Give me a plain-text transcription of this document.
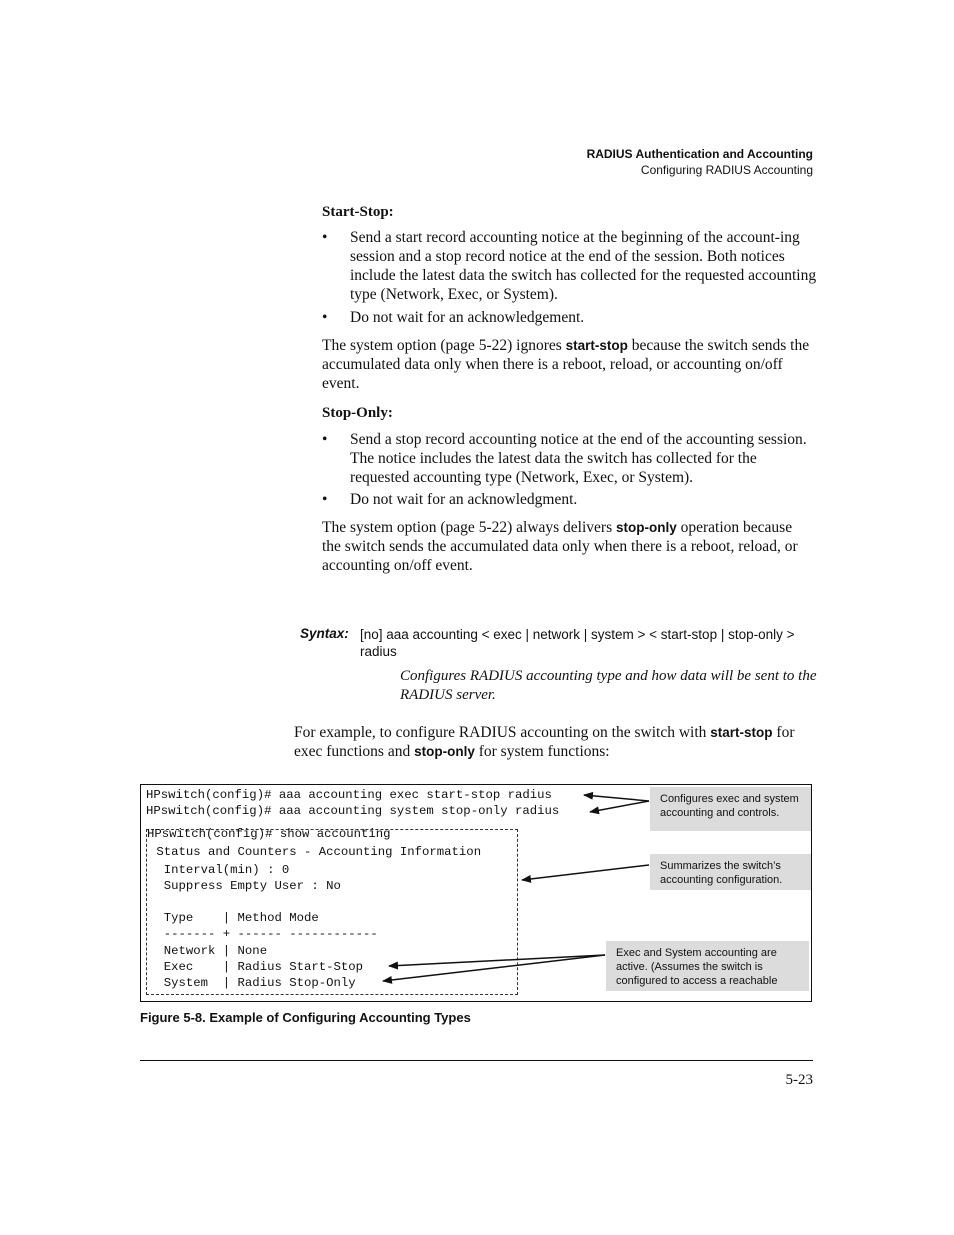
RADIUS Authentication and Accounting
Configuring RADIUS Accounting
Start-Stop:
• Send a start record accounting notice at the beginning of the account-ing session and a stop record notice at the end of the session. Both notices include the latest data the switch has collected for the requested accounting type (Network, Exec, or System).
• Do not wait for an acknowledgement.
The system option (page 5-22) ignores start-stop because the switch sends the accumulated data only when there is a reboot, reload, or accounting on/off event.
Stop-Only:
• Send a stop record accounting notice at the end of the accounting session. The notice includes the latest data the switch has collected for the requested accounting type (Network, Exec, or System).
• Do not wait for an acknowledgment.
The system option (page 5-22) always delivers stop-only operation because the switch sends the accumulated data only when there is a reboot, reload, or accounting on/off event.
Syntax: [no] aaa accounting < exec | network | system > < start-stop | stop-only > radius
Configures RADIUS accounting type and how data will be sent to the RADIUS server.
For example, to configure RADIUS accounting on the switch with start-stop for exec functions and stop-only for system functions:
HPswitch(config)# aaa accounting exec start-stop radius
HPswitch(config)# aaa accounting system stop-only radius
HPswitch(config)# show accounting
Status and Counters - Accounting Information
Interval(min) : 0
Suppress Empty User : No
Type    | Method Mode
------- + ------ ------------
Network | None
Exec    | Radius Start-Stop
System  | Radius Stop-Only
Configures exec and system accounting and controls.
Summarizes the switch’s accounting configuration.
Exec and System accounting are active. (Assumes the switch is configured to access a reachable
Figure 5-8. Example of Configuring Accounting Types
5-23
